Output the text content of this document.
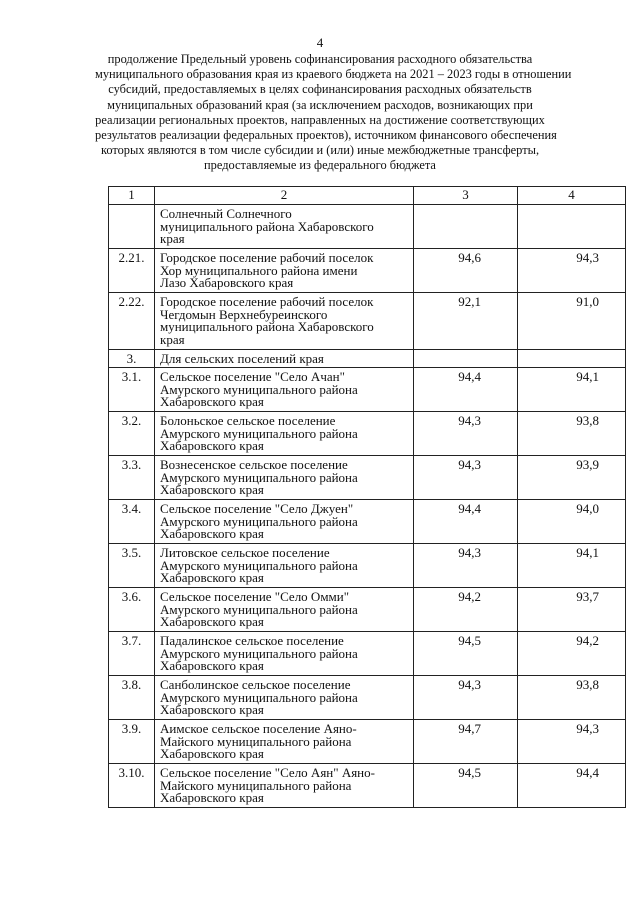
4
продолжение Предельный уровень софинансирования расходного обязательства
муниципального образования края из краевого бюджета на 2021 – 2023 годы в отношении
субсидий, предоставляемых в целях софинансирования расходных обязательств
муниципальных образований края (за исключением расходов, возникающих при
реализации региональных проектов, направленных на достижение соответствующих
результатов реализации федеральных проектов), источником финансового обеспечения
которых являются в том числе субсидии и (или) иные межбюджетные трансферты,
предоставляемые из федерального бюджета
1	2	3	4

	Солнечный Солнечного
муниципального района Хабаровского
края		

2.21.	Городское поселение рабочий поселок
Хор муниципального района имени
Лазо Хабаровского края	94,6	94,3
2.22.	Городское поселение рабочий поселок
Чегдомын Верхнебуреинского
муниципального района Хабаровского
края	92,1	91,0
3.	Для сельских поселений края		

3.1.	Сельское поселение "Село Ачан"
Амурского муниципального района
Хабаровского края	94,4	94,1
3.2.	Болоньское сельское поселение
Амурского муниципального района
Хабаровского края	94,3	93,8
3.3.	Вознесенское сельское поселение
Амурского муниципального района
Хабаровского края	94,3	93,9
3.4.	Сельское поселение "Село Джуен"
Амурского муниципального района
Хабаровского края	94,4	94,0
3.5.	Литовское сельское поселение
Амурского муниципального района
Хабаровского края	94,3	94,1
3.6.	Сельское поселение "Село Омми"
Амурского муниципального района
Хабаровского края	94,2	93,7
3.7.	Падалинское сельское поселение
Амурского муниципального района
Хабаровского края	94,5	94,2
3.8.	Санболинское сельское поселение
Амурского муниципального района
Хабаровского края	94,3	93,8
3.9.	Аимское сельское поселение Аяно-
Майского муниципального района
Хабаровского края	94,7	94,3
3.10.	Сельское поселение "Село Аян" Аяно-
Майского муниципального района
Хабаровского края	94,5	94,4
